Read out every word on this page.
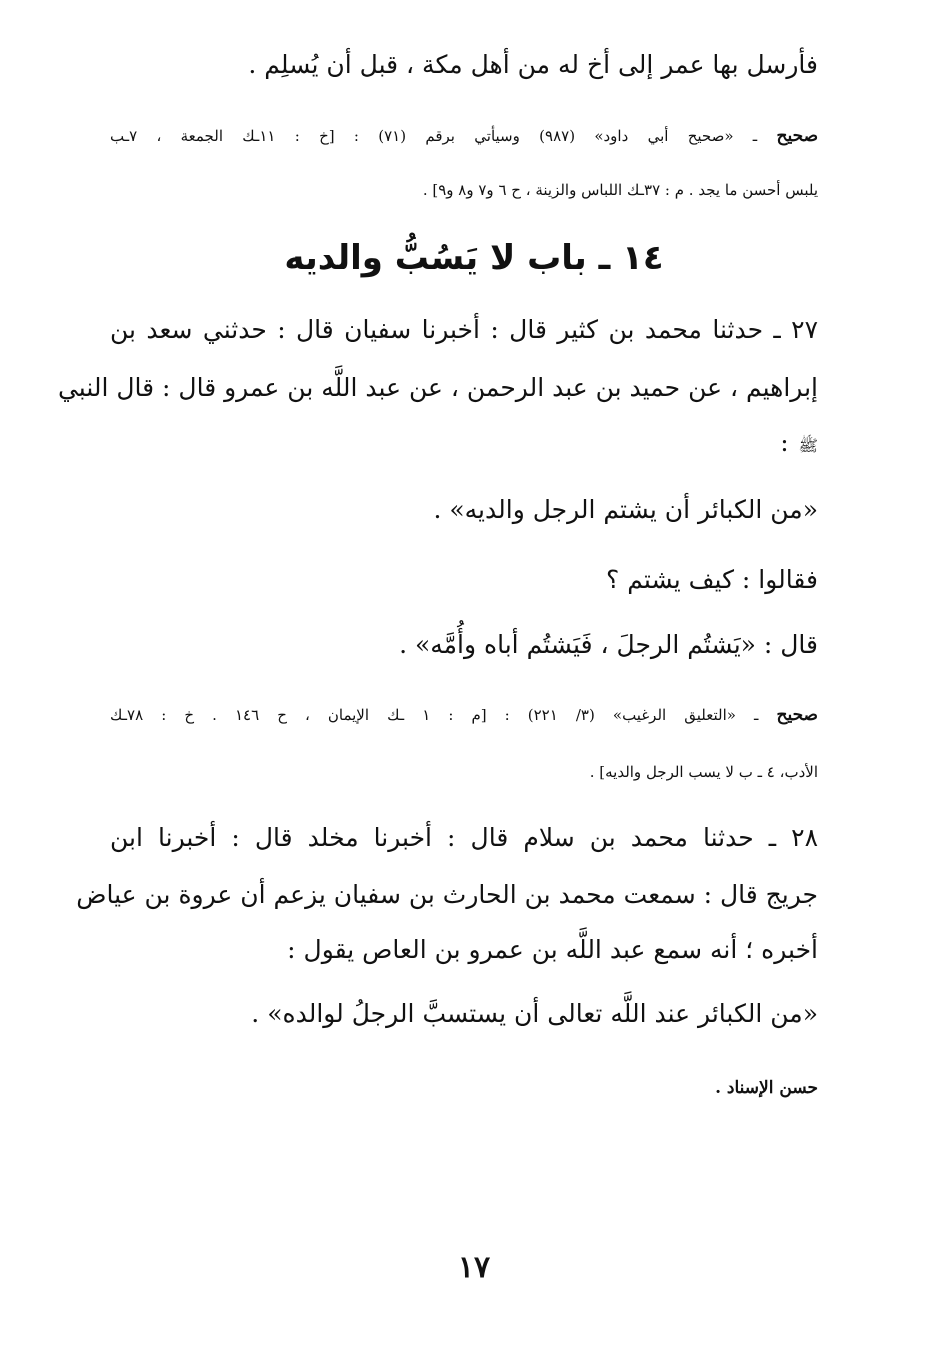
فأرسل بها عمر إلى أخ له من أهل مكة ، قبل أن يُسلِم .
صحيح ـ «صحيح أبي داود» (٩٨٧) وسيأتي برقم (٧١) : [خ : ١١ـك الجمعة ، ٧ـب
يلبس أحسن ما يجد . م : ٣٧ـك اللباس والزينة ، ح ٦ و٧ و٨ و٩] .
١٤ ـ باب لا يَسُبُّ والديه
٢٧ ـ حدثنا محمد بن كثير قال : أخبرنا سفيان قال : حدثني سعد بن
إبراهيم ، عن حميد بن عبد الرحمن ، عن عبد اللَّه بن عمرو قال : قال النبي
ﷺ:
«من الكبائر أن يشتم الرجل والديه» .
فقالوا : كيف يشتم ؟
قال : «يَشتُم الرجلَ ، فَيَشتُم أباه وأُمَّه» .
صحيح ـ «التعليق الرغيب» (٣/ ٢٢١) : [م : ١ ـك الإيمان ، ح ١٤٦ . خ : ٧٨ـك
الأدب، ٤ ـ ب لا يسب الرجل والديه] .
٢٨ ـ حدثنا محمد بن سلام قال : أخبرنا مخلد قال : أخبرنا ابن
جريج قال : سمعت محمد بن الحارث بن سفيان يزعم أن عروة بن عياض
أخبره ؛ أنه سمع عبد اللَّه بن عمرو بن العاص يقول :
«من الكبائر عند اللَّه تعالى أن يستسبَّ الرجلُ لوالده» .
حسن الإسناد .
١٧
